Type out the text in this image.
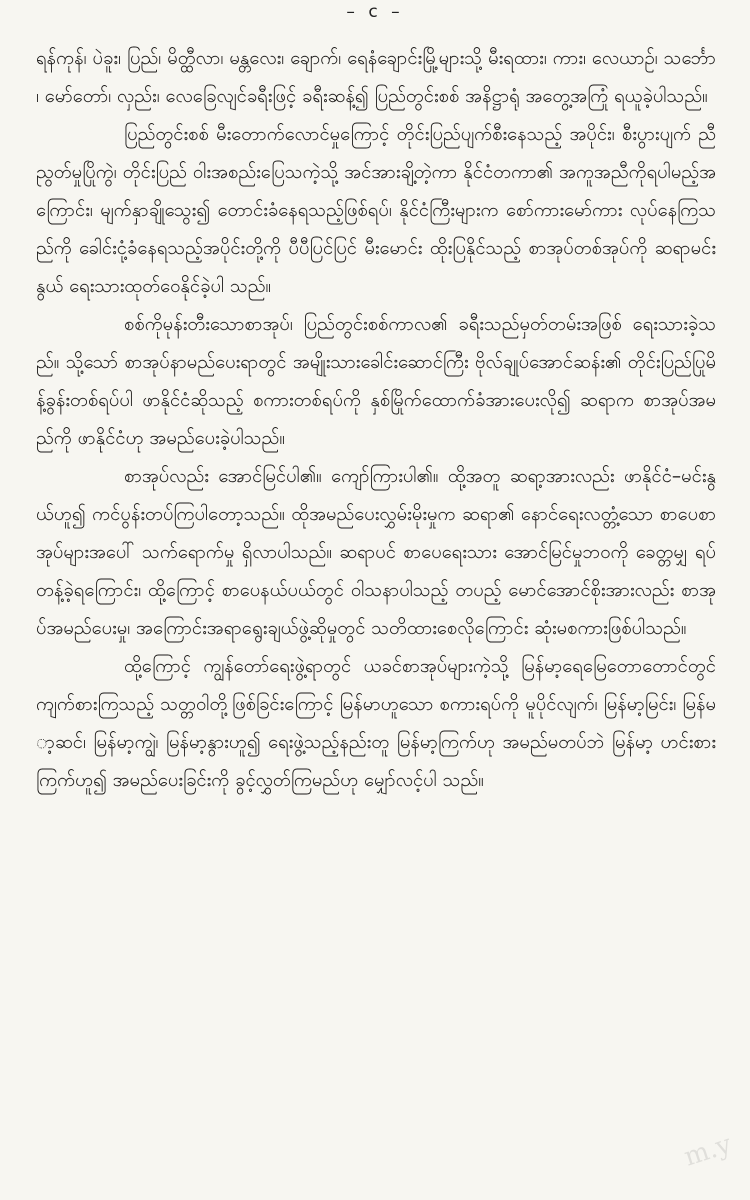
– c –

ရန်ကုန်၊ ပဲခူး၊ ပြည်၊ မိတ္ထီလာ၊ မန္တလေး၊ ချောက်၊ ရေနံချောင်းမြို့များသို့ မီးရထား၊ ကား၊ လေယာဉ်၊ သင်္ဘော၊ မော်တော်၊ လှည်း၊ လေခြေလျင်ခရီးဖြင့် ခရီးဆန့်၍ ပြည်တွင်းစစ် အနိဋ္ဌာရုံ အတွေ့အကြုံ ရယူခဲ့ပါသည်။

ပြည်တွင်းစစ် မီးတောက်လောင်မှုကြောင့် တိုင်းပြည်ပျက်စီးနေသည့် အပိုင်း၊ စီးပွားပျက် ညီညွတ်မှုပြိုကွဲ၊ တိုင်းပြည် ဝါးအစည်းပြေသကဲ့သို့ အင်အားချိ့တဲ့ကာ နိုင်ငံတကာ၏ အကူအညီကိုရပါမည့်အကြောင်း၊ မျက်နှာချိုသွေး၍ တောင်းခံနေရသည့်ဖြစ်ရပ်၊ နိုင်ငံကြီးများက စော်ကားမော်ကား လုပ်နေကြသည်ကို ခေါင်းငုံ့ခံနေရသည့်အပိုင်းတို့ကို ပီပီပြင်ပြင် မီးမောင်း ထိုးပြနိုင်သည့် စာအုပ်တစ်အုပ်ကို ဆရာမင်းနွယ် ရေးသားထုတ်ဝေနိုင်ခဲ့ပါ သည်။

စစ်ကိုမုန်းတီးသောစာအုပ်၊ ပြည်တွင်းစစ်ကာလ၏ ခရီးသည်မှတ်တမ်းအဖြစ် ရေးသားခဲ့သည်။ သို့သော် စာအုပ်နာမည်ပေးရာတွင် အမျိုးသားခေါင်းဆောင်ကြီး ဗိုလ်ချုပ်အောင်ဆန်း၏ တိုင်းပြည်ပြုမိန့်ခွန်းတစ်ရပ်ပါ ဖာနိုင်ငံဆိုသည့် စကားတစ်ရပ်ကို နှစ်မြိုက်ထောက်ခံအားပေးလို၍ ဆရာက စာအုပ်အမည်ကို ဖာနိုင်ငံဟု အမည်ပေးခဲ့ပါသည်။

စာအုပ်လည်း အောင်မြင်ပါ၏။ ကျော်ကြားပါ၏။ ထို့အတူ ဆရာ့အားလည်း ဖာနိုင်ငံ–မင်းနွယ်ဟူ၍ ကင်ပွန်းတပ်ကြပါတော့သည်။ ထိုအမည်ပေးလွှမ်းမိုးမှုက ဆရာ၏ နောင်ရေးလတ္တံ့သော စာပေစာအုပ်များအပေါ် သက်ရောက်မှု ရှိလာပါသည်။ ဆရာပင် စာပေရေးသား အောင်မြင်မှုဘဝကို ခေတ္တမျှ ရပ်တန့်ခဲ့ရကြောင်း၊ ထို့ကြောင့် စာပေနယ်ပယ်တွင် ဝါသနာပါသည့် တပည့် မောင်အောင်စိုးအားလည်း စာအုပ်အမည်ပေးမှု၊ အကြောင်းအရာရွေးချယ်ဖွဲ့ဆိုမှုတွင် သတိထားစေလိုကြောင်း ဆုံးမစကားဖြစ်ပါသည်။

ထို့ကြောင့် ကျွန်တော်ရေးဖွဲ့ရာတွင် ယခင်စာအုပ်များကဲ့သို့ မြန်မာ့ရေမြေတောတောင်တွင် ကျက်စားကြသည့် သတ္တဝါတို့ဖြစ်ခြင်းကြောင့် မြန်မာဟူသော စကားရပ်ကို မူပိုင်လျက်၊ မြန်မာ့မြင်း၊ မြန်မာ့ဆင်၊ မြန်မာ့ကျွဲ၊ မြန်မာ့နွားဟူ၍ ရေးဖွဲ့သည့်နည်းတူ မြန်မာ့ကြက်ဟု အမည်မတပ်ဘဲ မြန်မာ့ ဟင်းစားကြက်ဟူ၍ အမည်ပေးခြင်းကို ခွင့်လွှတ်ကြမည်ဟု မျှော်လင့်ပါ သည်။

m.y
